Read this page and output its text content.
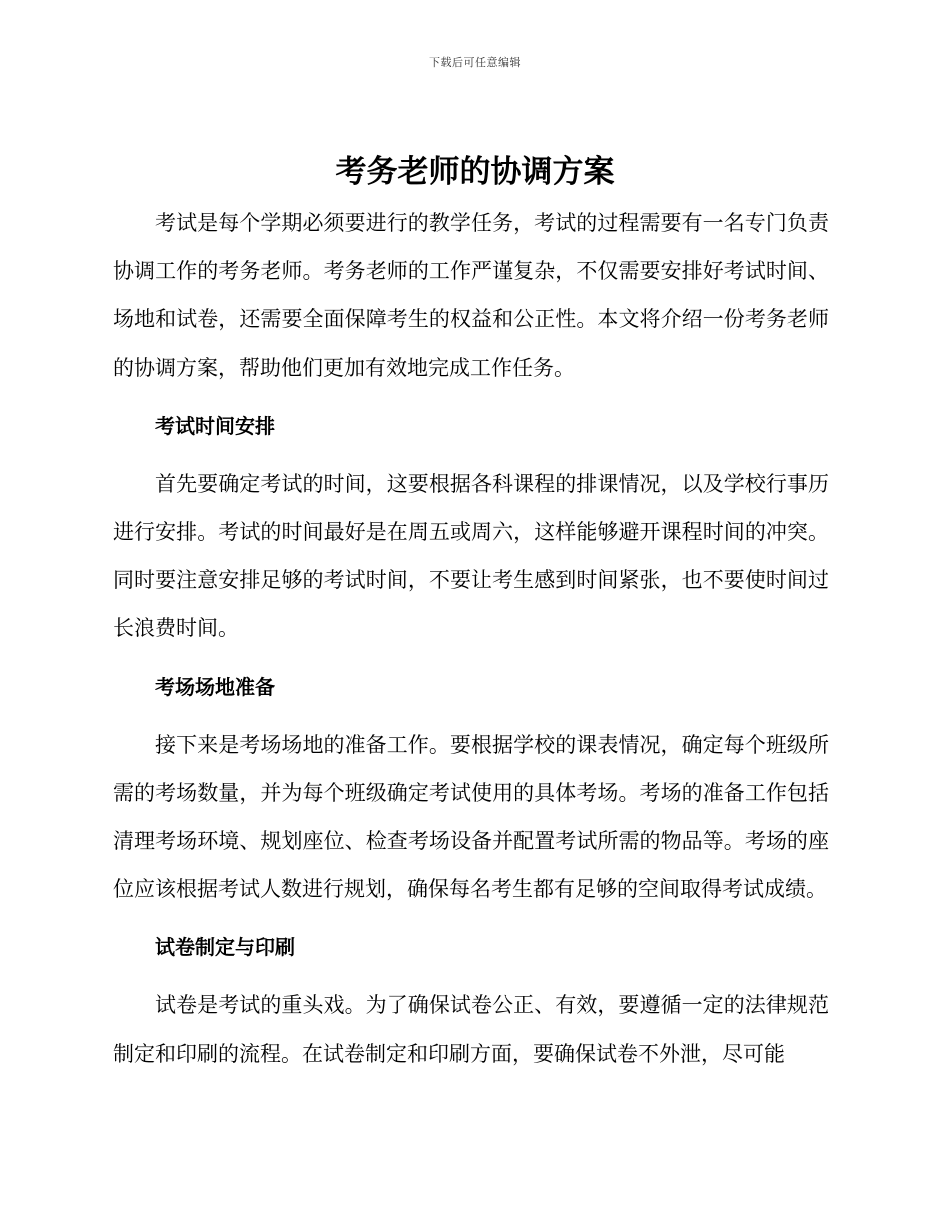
下载后可任意编辑
考务老师的协调方案

考试是每个学期必须要进行的教学任务，考试的过程需要有一名专门负责协调工作的考务老师。考务老师的工作严谨复杂，不仅需要安排好考试时间、场地和试卷，还需要全面保障考生的权益和公正性。本文将介绍一份考务老师的协调方案，帮助他们更加有效地完成工作任务。

考试时间安排

首先要确定考试的时间，这要根据各科课程的排课情况，以及学校行事历进行安排。考试的时间最好是在周五或周六，这样能够避开课程时间的冲突。同时要注意安排足够的考试时间，不要让考生感到时间紧张，也不要使时间过长浪费时间。

考场场地准备

接下来是考场场地的准备工作。要根据学校的课表情况，确定每个班级所需的考场数量，并为每个班级确定考试使用的具体考场。考场的准备工作包括清理考场环境、规划座位、检查考场设备并配置考试所需的物品等。考场的座位应该根据考试人数进行规划，确保每名考生都有足够的空间取得考试成绩。

试卷制定与印刷

试卷是考试的重头戏。为了确保试卷公正、有效，要遵循一定的法律规范制定和印刷的流程。在试卷制定和印刷方面，要确保试卷不外泄，尽可能
